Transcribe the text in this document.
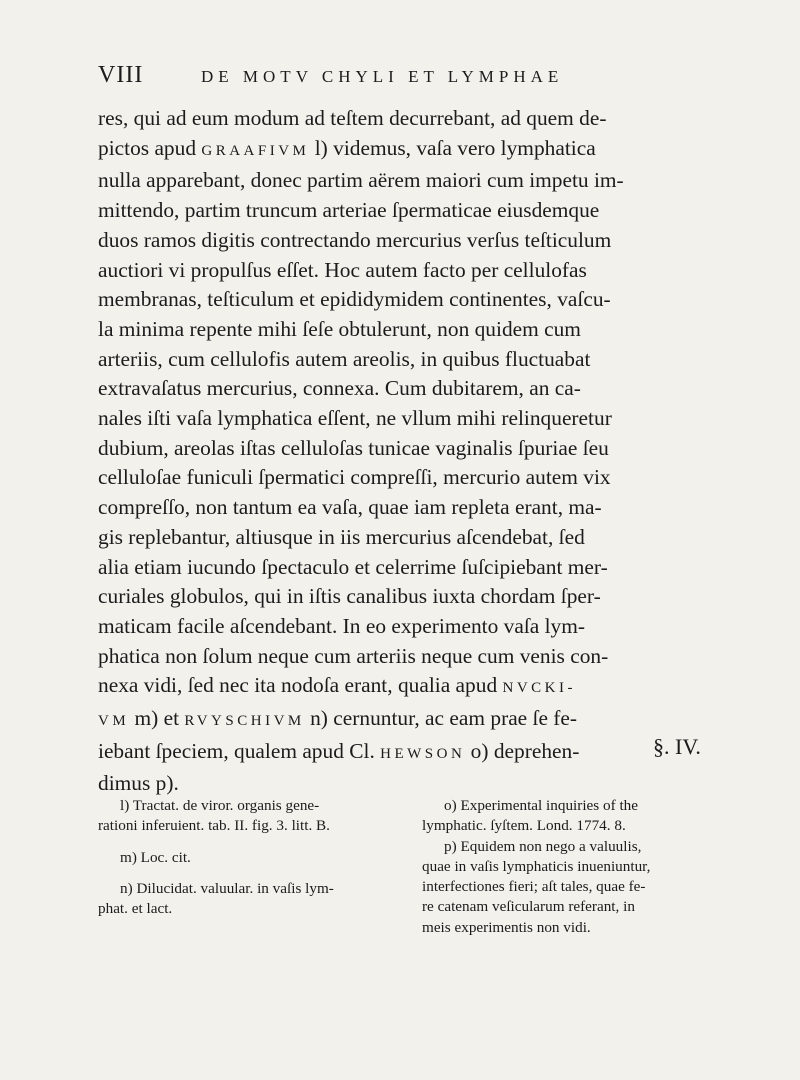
VIII	DE MOTV CHYLI ET LYMPHAE
res, qui ad eum modum ad teſtem decurrebant, ad quem de-
pictos apud GRAAFIVM l) videmus, vaſa vero lymphatica
nulla apparebant, donec partim aërem maiori cum impetu im-
mittendo, partim truncum arteriae ſpermaticae eiusdemque
duos ramos digitis contrectando mercurius verſus teſticulum
auctiori vi propulſus eſſet. Hoc autem facto per cellulofas
membranas, teſticulum et epididymidem continentes, vaſcu-
la minima repente mihi ſeſe obtulerunt, non quidem cum
arteriis, cum cellulofis autem areolis, in quibus fluctuabat
extravaſatus mercurius, connexa. Cum dubitarem, an ca-
nales iſti vaſa lymphatica eſſent, ne vllum mihi relinqueretur
dubium, areolas iſtas celluloſas tunicae vaginalis ſpuriae ſeu
celluloſae funiculi ſpermatici compreſſi, mercurio autem vix
compreſſo, non tantum ea vaſa, quae iam repleta erant, ma-
gis replebantur, altiusque in iis mercurius aſcendebat, ſed
alia etiam iucundo ſpectaculo et celerrime ſuſcipiebant mer-
curiales globulos, qui in iſtis canalibus iuxta chordam ſper-
maticam facile aſcendebant. In eo experimento vaſa lym-
phatica non ſolum neque cum arteriis neque cum venis con-
nexa vidi, ſed nec ita nodoſa erant, qualia apud NVCKI-
VM m) et RVYSCHIVM n) cernuntur, ac eam prae ſe fe-
iebant ſpeciem, qualem apud Cl. HEWSON o) deprehen-
dimus p).
§. IV.
l) Tractat. de viror. organis gene-
rationi inferuient. tab. II. fig. 3. litt. B.
m) Loc. cit.
n) Dilucidat. valuular. in vaſis lym-
phat. et lact.
o) Experimental inquiries of the
lymphatic. ſyſtem. Lond. 1774. 8.
p) Equidem non nego a valuulis,
quae in vaſis lymphaticis inueniuntur,
interfectiones fieri; aſt tales, quae fe-
re catenam veſicularum referant, in
meis experimentis non vidi.
